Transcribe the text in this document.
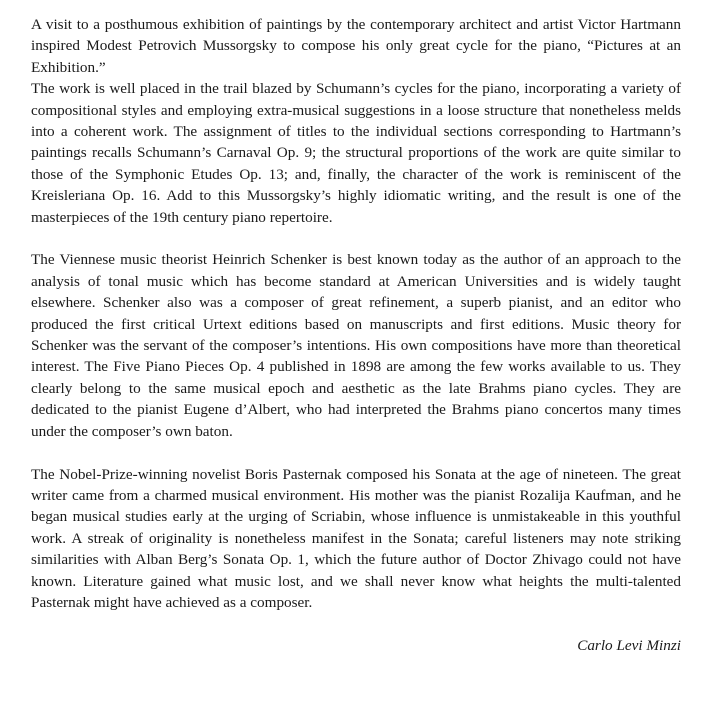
A visit to a posthumous exhibition of paintings by the contemporary architect and artist Victor Hartmann inspired Modest Petrovich Mussorgsky to compose his only great cycle for the piano, “Pictures at an Exhibition.”

The work is well placed in the trail blazed by Schumann’s cycles for the piano, incorporating a variety of compositional styles and employing extra-musical suggestions in a loose structure that nonetheless melds into a coherent work. The assignment of titles to the individual sections corresponding to Hartmann’s paintings recalls Schumann’s Carnaval Op. 9; the structural proportions of the work are quite similar to those of the Symphonic Etudes Op. 13; and, finally, the character of the work is reminiscent of the Kreisleriana Op. 16. Add to this Mussorgsky’s highly idiomatic writing, and the result is one of the masterpieces of the 19th century piano repertoire.

The Viennese music theorist Heinrich Schenker is best known today as the author of an approach to the analysis of tonal music which has become standard at American Universities and is widely taught elsewhere. Schenker also was a composer of great refinement, a superb pianist, and an editor who produced the first critical Urtext editions based on manuscripts and first editions. Music theory for Schenker was the servant of the composer’s intentions. His own compositions have more than theoretical interest. The Five Piano Pieces Op. 4 published in 1898 are among the few works available to us. They clearly belong to the same musical epoch and aesthetic as the late Brahms piano cycles. They are dedicated to the pianist Eugene d’Albert, who had interpreted the Brahms piano concertos many times under the composer’s own baton.

The Nobel-Prize-winning novelist Boris Pasternak composed his Sonata at the age of nineteen. The great writer came from a charmed musical environment. His mother was the pianist Rozalija Kaufman, and he began musical studies early at the urging of Scriabin, whose influence is unmistakeable in this youthful work. A streak of originality is nonetheless manifest in the Sonata; careful listeners may note striking similarities with Alban Berg’s Sonata Op. 1, which the future author of Doctor Zhivago could not have known. Literature gained what music lost, and we shall never know what heights the multi-talented Pasternak might have achieved as a composer.

Carlo Levi Minzi
